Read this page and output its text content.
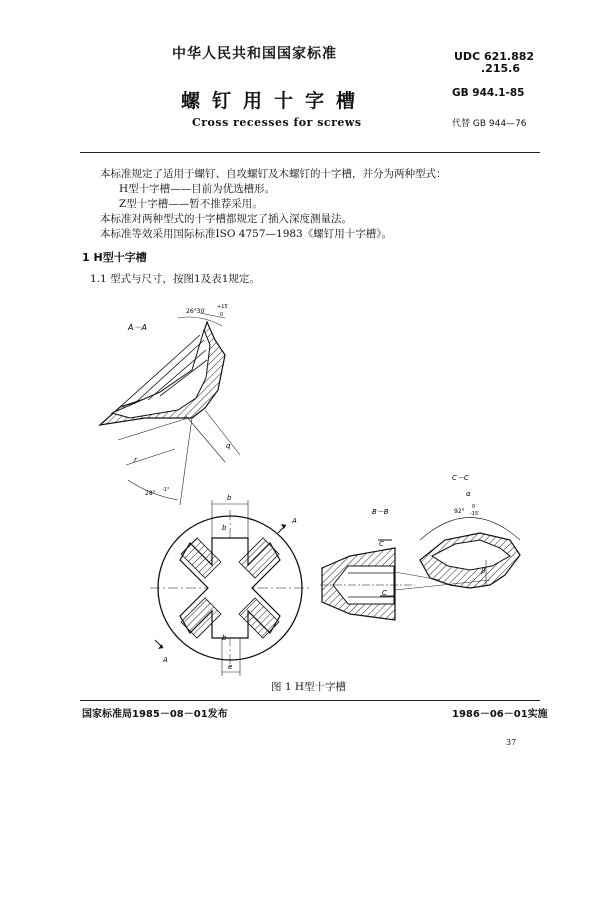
中华人民共和国国家标准	UDC 621.882
.215.6
螺钉用十字槽	GB 944.1-85
Cross recesses for screws	代替 GB 944—76
本标准规定了适用于螺钉、自攻螺钉及木螺钉的十字槽，并分为两种型式：
H型十字槽——目前为优选槽形。
Z型十字槽——暂不推荐采用。
本标准对两种型式的十字槽都规定了插入深度测量法。
本标准等效采用国际标准ISO 4757—1983《螺钉用十字槽》。
1 H型十字槽
1.1 型式与尺寸，按图1及表1规定。
A－A
26°30′
+15′
0
28° -1°
q
r
b
e
b
b
A
A
B－B
C
C
C－C
α
92°
0
-15′
β
图 1 H型十字槽
国家标准局1985－08－01发布	1986－06－01实施
37
